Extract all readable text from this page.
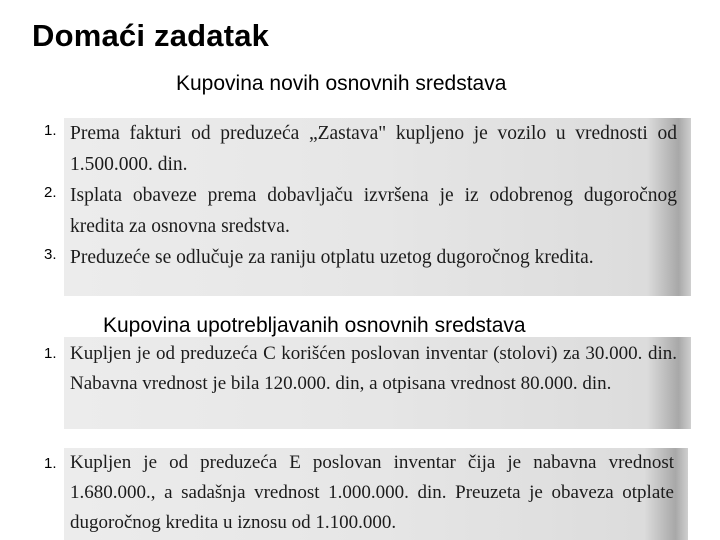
Domaći zadatak
Kupovina novih osnovnih sredstava
1.
2.
3.
Prema fakturi od preduzeća „Zastava" kupljeno je vozilo u vrednosti od 1.500.000. din.
Isplata obaveze prema dobavljaču izvršena je iz odobrenog dugoročnog kredita za osnovna sredstva.
Preduzeće se odlučuje za raniju otplatu uzetog dugoročnog kredita.
Kupovina upotrebljavanih osnovnih sredstava
1.
1.
Kupljen je od preduzeća C korišćen poslovan inventar (stolovi) za 30.000. din. Nabavna vrednost je bila 120.000. din, a otpisana vrednost 80.000. din.
Kupljen je od preduzeća E poslovan inventar čija je nabavna vrednost 1.680.000., a sadašnja vrednost 1.000.000. din. Preuzeta je obaveza otplate dugoročnog kredita u iznosu od 1.100.000.
